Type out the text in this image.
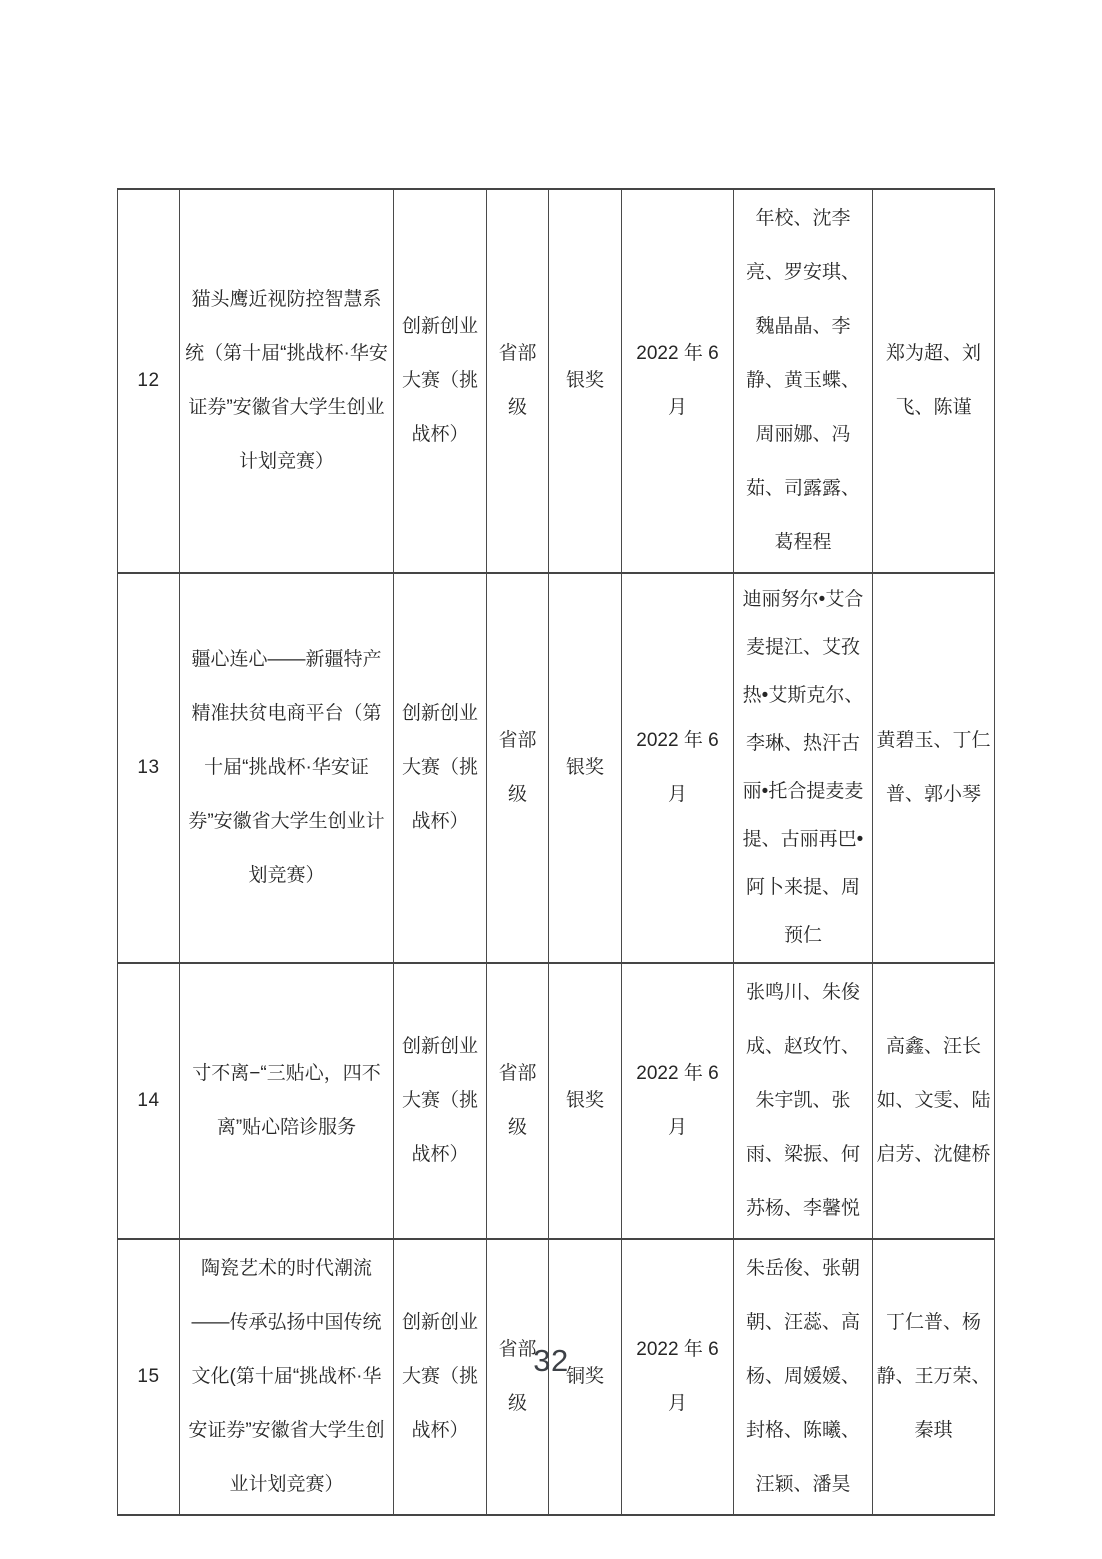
12	猫头鹰近视防控智慧系统（第十届“挑战杯·华安证券”安徽省大学生创业计划竞赛）	创新创业大赛（挑战杯）	省部级	银奖	2022 年 6 月	年校、沈李亮、罗安琪、魏晶晶、李静、黄玉蝶、周丽娜、冯茹、司露露、葛程程	郑为超、刘飞、陈谨
13	疆心连心——新疆特产精准扶贫电商平台（第十届“挑战杯·华安证券”安徽省大学生创业计划竞赛）	创新创业大赛（挑战杯）	省部级	银奖	2022 年 6 月	迪丽努尔•艾合麦提江、艾孜热•艾斯克尔、李琳、热汗古丽•托合提麦麦提、古丽再巴•阿卜来提、周预仁	黄碧玉、丁仁普、郭小琴
14	寸不离−“三贴心，四不离”贴心陪诊服务	创新创业大赛（挑战杯）	省部级	银奖	2022 年 6 月	张鸣川、朱俊成、赵玫竹、朱宇凯、张雨、梁振、何苏杨、李馨悦	高鑫、汪长如、文雯、陆启芳、沈健桥
15	陶瓷艺术的时代潮流——传承弘扬中国传统文化(第十届“挑战杯·华安证券”安徽省大学生创业计划竞赛）	创新创业大赛（挑战杯）	省部级	铜奖	2022 年 6 月	朱岳俊、张朝朝、汪蕊、高杨、周媛媛、封格、陈曦、汪颖、潘昊	丁仁普、杨静、王万荣、秦琪
32
